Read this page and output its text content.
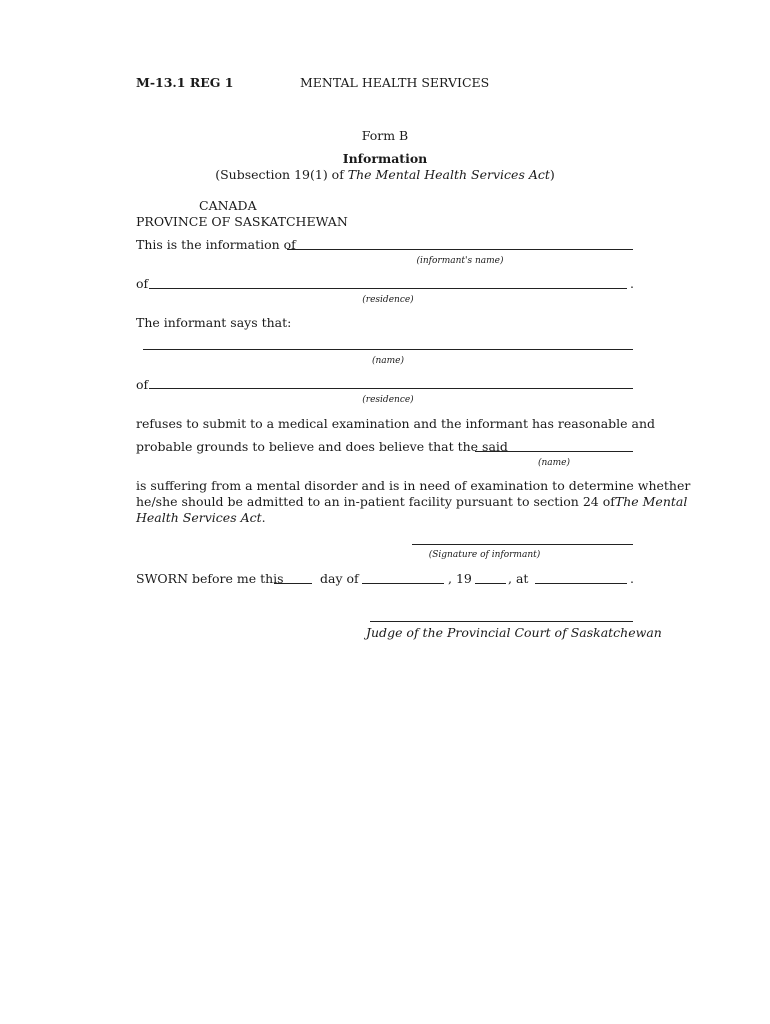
M-13.1 REG 1	MENTAL HEALTH SERVICES
Form B
Information
(Subsection 19(1) of The Mental Health Services Act)
CANADA
PROVINCE OF SASKATCHEWAN
This is the information of
(informant's name)
of	.
(residence)
The informant says that:
(name)
of
(residence)
refuses to submit to a medical examination and the informant has reasonable and
probable grounds to believe and does believe that the said
(name)
is suffering from a mental disorder and is in need of examination to determine whether
he/she should be admitted to an in-patient facility pursuant to section 24 of The Mental
Health Services Act.
(Signature of informant)
SWORN before me this	day of	, 19	, at	.
Judge of the Provincial Court of Saskatchewan
